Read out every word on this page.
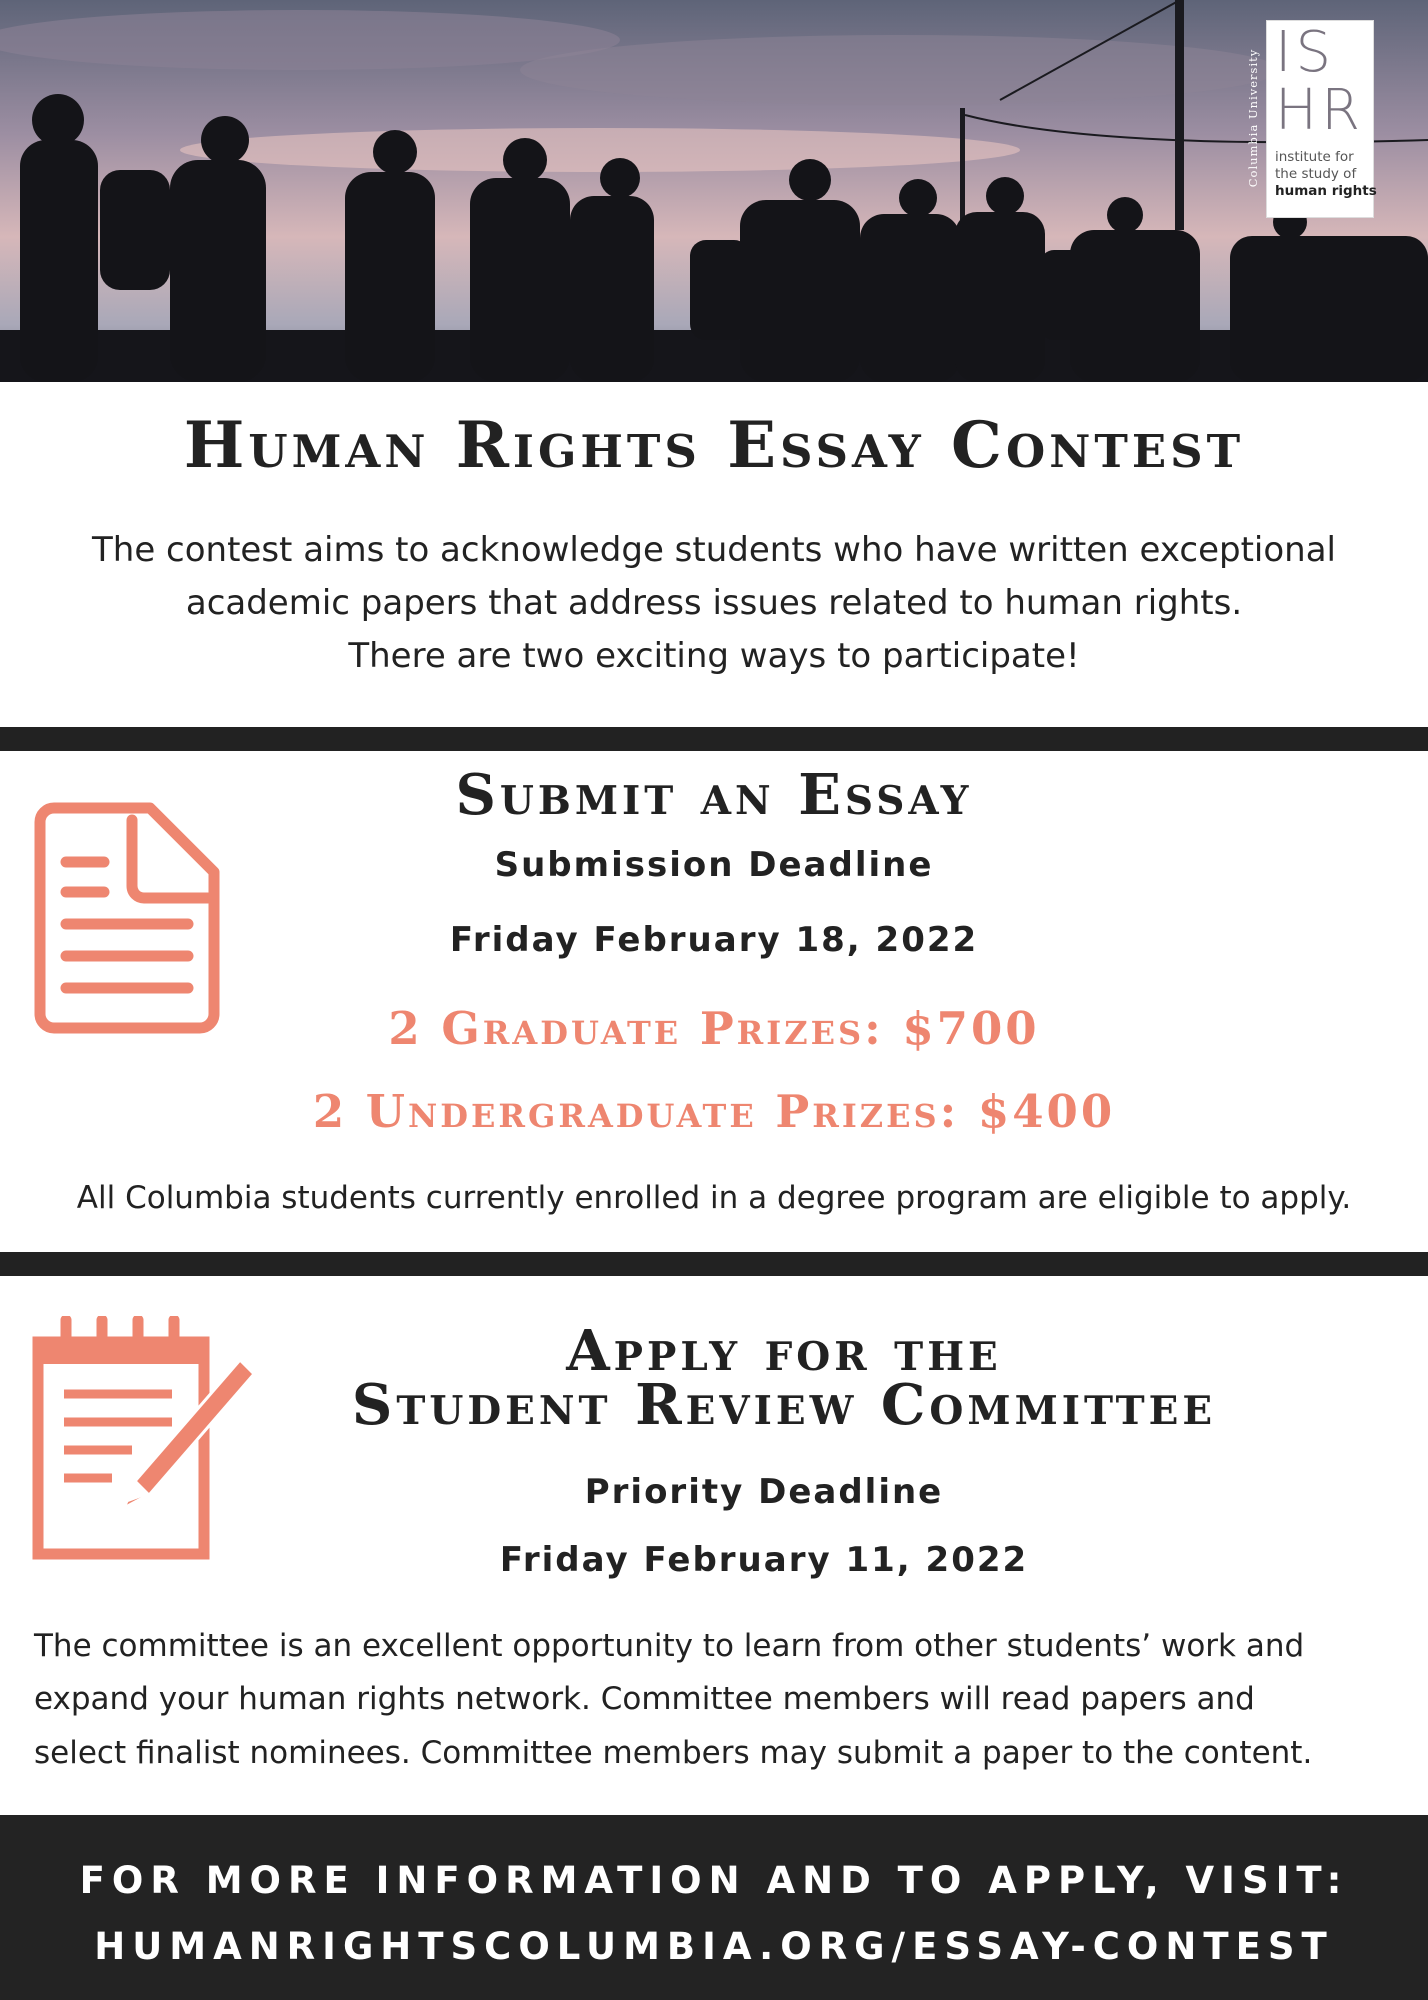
Columbia University IS
HR
institute for
the study of
human rights
Human Rights Essay Contest
The contest aims to acknowledge students who have written exceptional
academic papers that address issues related to human rights.
There are two exciting ways to participate!
Submit an Essay
Submission Deadline
Friday February 18, 2022
2 Graduate Prizes: $700
2 Undergraduate Prizes: $400
All Columbia students currently enrolled in a degree program are eligible to apply.
Apply for the
Student Review Committee
Priority Deadline
Friday February 11, 2022
The committee is an excellent opportunity to learn from other students’ work and
expand your human rights network. Committee members will read papers and
select finalist nominees. Committee members may submit a paper to the content.
FOR MORE INFORMATION AND TO APPLY, VISIT:
HUMANRIGHTSCOLUMBIA.ORG/ESSAY-CONTEST
